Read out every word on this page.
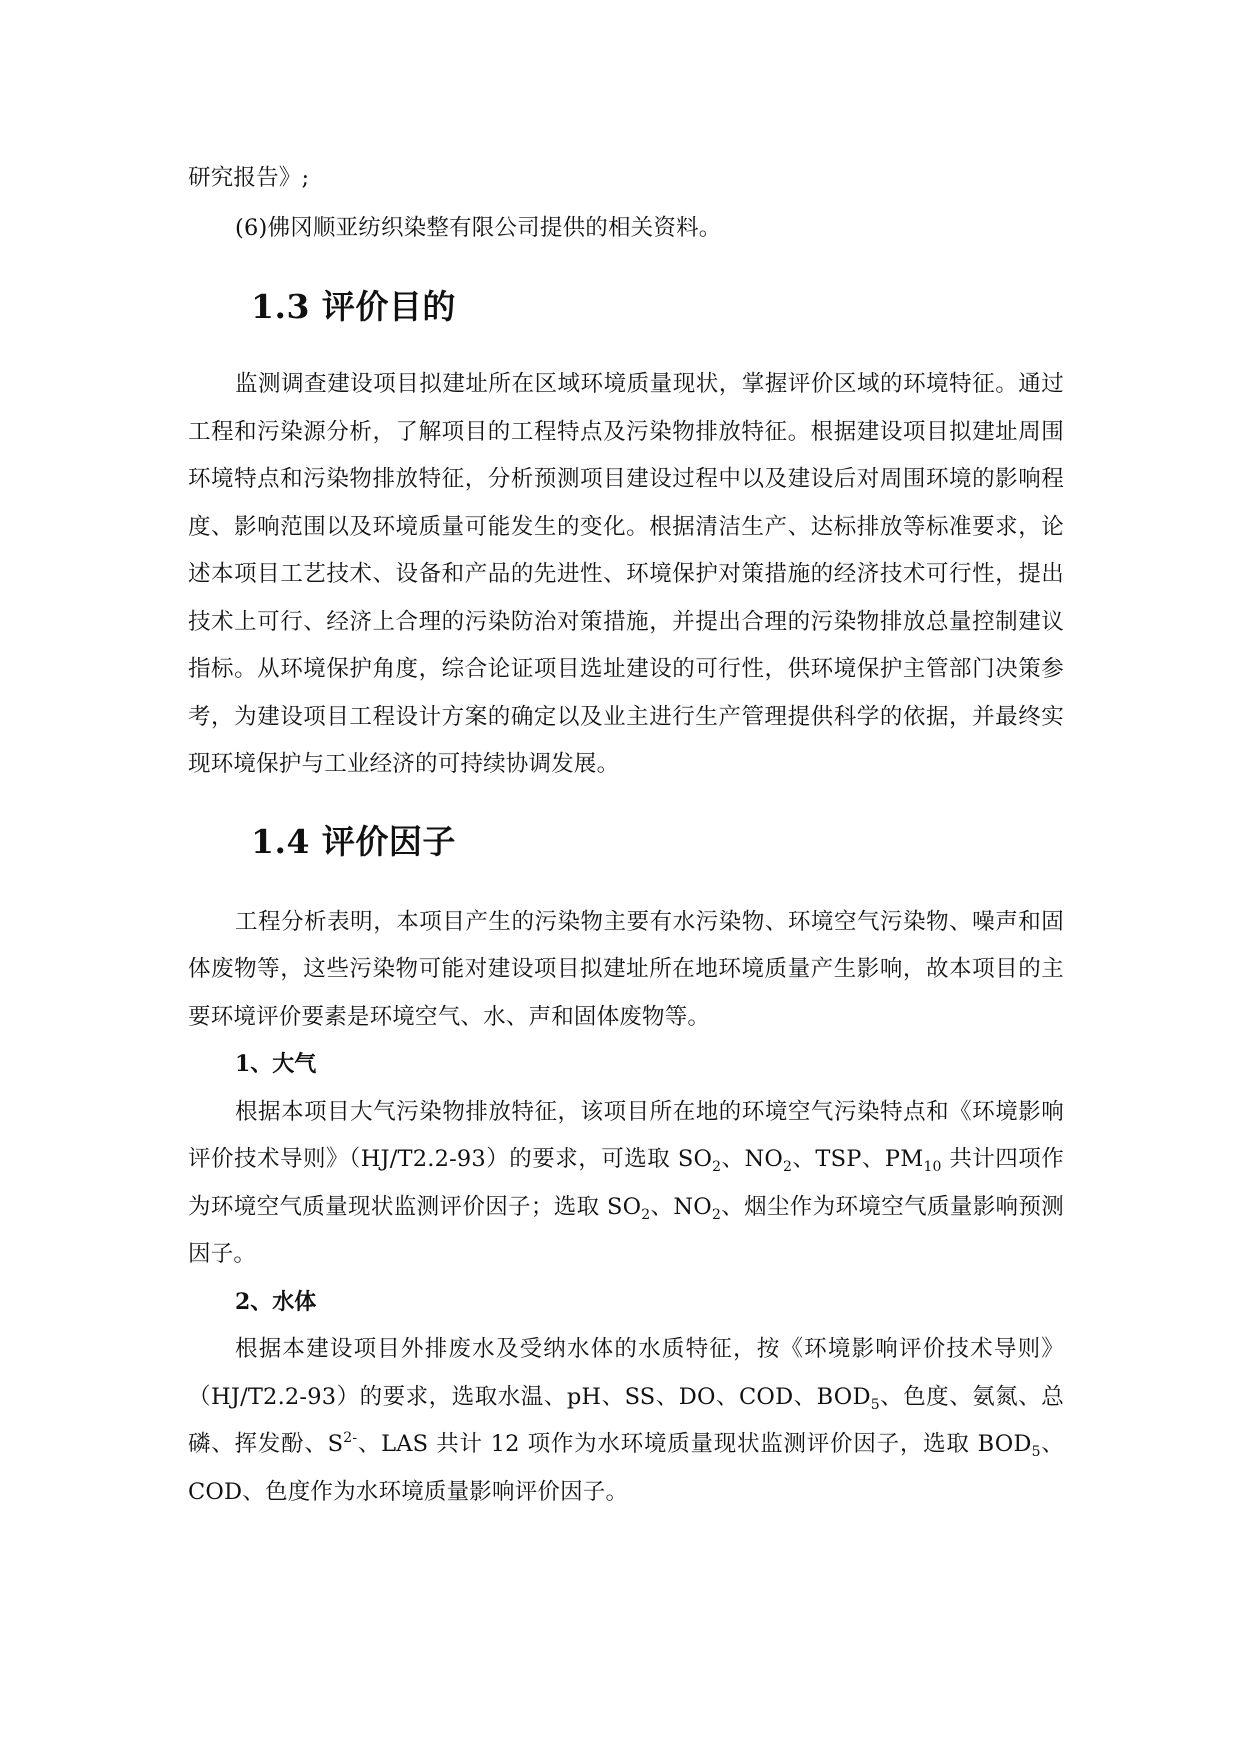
研究报告》;

(6)佛冈顺亚纺织染整有限公司提供的相关资料。

1.3 评价目的

监测调查建设项目拟建址所在区域环境质量现状，掌握评价区域的环境特征。通过工程和污染源分析，了解项目的工程特点及污染物排放特征。根据建设项目拟建址周围环境特点和污染物排放特征，分析预测项目建设过程中以及建设后对周围环境的影响程度、影响范围以及环境质量可能发生的变化。根据清洁生产、达标排放等标准要求，论述本项目工艺技术、设备和产品的先进性、环境保护对策措施的经济技术可行性，提出技术上可行、经济上合理的污染防治对策措施，并提出合理的污染物排放总量控制建议指标。从环境保护角度，综合论证项目选址建设的可行性，供环境保护主管部门决策参考，为建设项目工程设计方案的确定以及业主进行生产管理提供科学的依据，并最终实现环境保护与工业经济的可持续协调发展。

1.4 评价因子

工程分析表明，本项目产生的污染物主要有水污染物、环境空气污染物、噪声和固体废物等，这些污染物可能对建设项目拟建址所在地环境质量产生影响，故本项目的主要环境评价要素是环境空气、水、声和固体废物等。

1、大气

根据本项目大气污染物排放特征，该项目所在地的环境空气污染特点和《环境影响评价技术导则》（HJ/T2.2-93）的要求，可选取 $SO_2$、$NO_2$、TSP、$PM_{10}$ 共计四项作为环境空气质量现状监测评价因子；选取 $SO_2$、$NO_2$、烟尘作为环境空气质量影响预测因子。

2、水体

根据本建设项目外排废水及受纳水体的水质特征，按《环境影响评价技术导则》（HJ/T2.2-93）的要求，选取水温、pH、SS、DO、COD、$BOD_5$、色度、氨氮、总磷、挥发酚、$S^{2-}$、LAS 共计 12 项作为水环境质量现状监测评价因子，选取 $BOD_5$、COD、色度作为水环境质量影响评价因子。
